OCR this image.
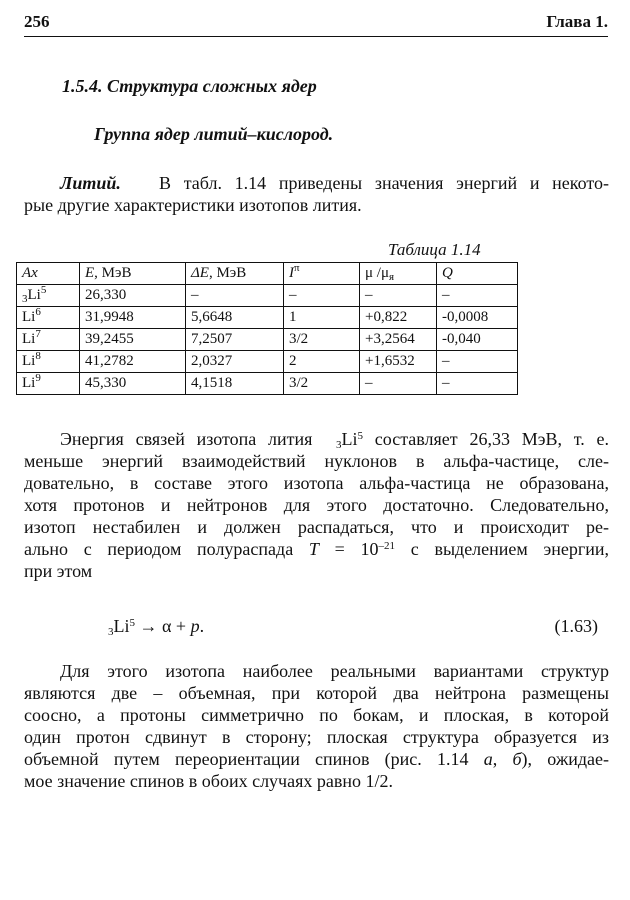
256	Глава 1.
1.5.4. Структура сложных ядер
Группа ядер литий–кислород.
Литий. В табл. 1.14 приведены значения энергий и некото-
рые другие характеристики изотопов лития.
Таблица 1.14
Ax	E, МэВ	ΔE, МэВ	$I^\pi$	μ $/\mu_я$	Q
$_3Li^5$	26,330	–	–	–	–
Li$^6$	31,9948	5,6648	1	+0,822	-0,0008
Li$^7$	39,2455	7,2507	3/2	+3,2564	-0,040
Li$^8$	41,2782	2,0327	2	+1,6532	–
Li$^9$	45,330	4,1518	3/2	–	–
Энергия связей изотопа лития $_3Li^5$ составляет 26,33 МэВ, т. е.
меньше энергий взаимодействий нуклонов в альфа-частице, сле-
довательно, в составе этого изотопа альфа-частица не образована,
хотя протонов и нейтронов для этого достаточно. Следовательно,
изотоп нестабилен и должен распадаться, что и происходит ре-
ально с периодом полураспада $T = 10^{-21}$ с выделением энергии,
при этом
$_3Li^5 \to \alpha + p$.	(1.63)
Для этого изотопа наиболее реальными вариантами структур
являются две – объемная, при которой два нейтрона размещены
соосно, а протоны симметрично по бокам, и плоская, в которой
один протон сдвинут в сторону; плоская структура образуется из
объемной путем переориентации спинов (рис. 1.14 а, б), ожидае-
мое значение спинов в обоих случаях равно 1/2.
